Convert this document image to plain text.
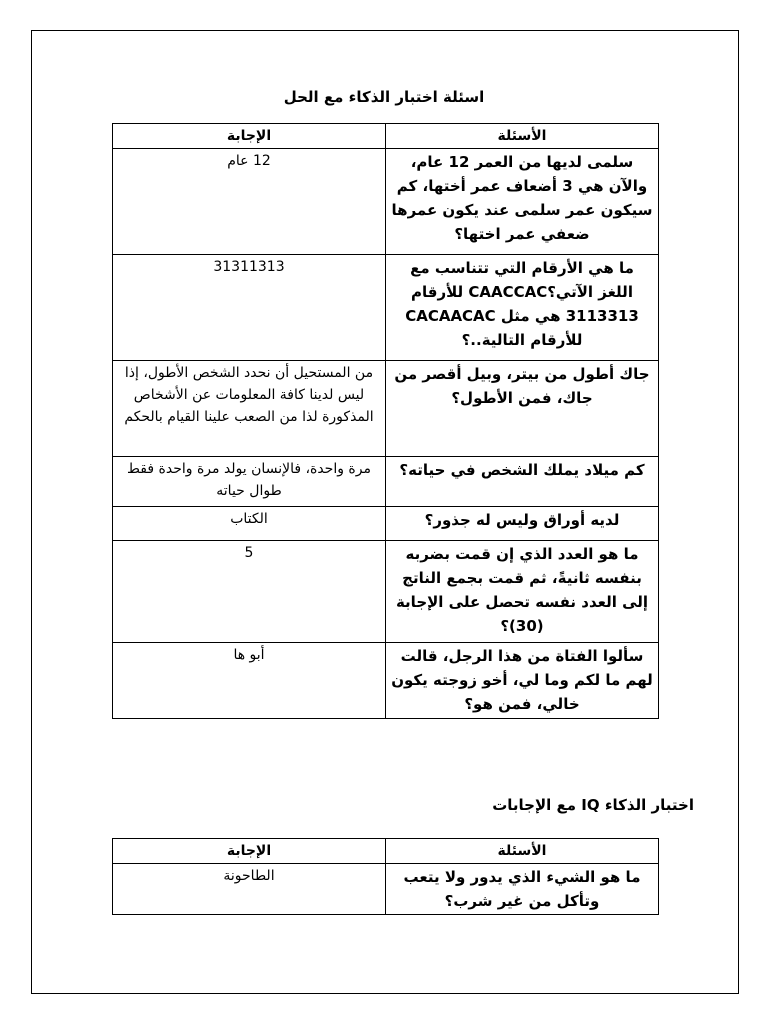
اسئلة اختبار الذكاء مع الحل
الأسئلة	الإجابة
سلمى لديها من العمر 12 عام، والآن هي 3 أضعاف عمر أختها، كم سيكون عمر سلمى عند يكون عمرها ضعفي عمر اختها؟	12 عام
ما هي الأرقام التي تتناسب مع اللغز الآتي؟CAACCAC للأرقام 3113313 هي مثل CACAACAC للأرقام التالية..؟	31311313
جاك أطول من بيتر، وبيل أقصر من جاك، فمن الأطول؟	من المستحيل أن نحدد الشخص الأطول، إذا ليس لدينا كافة المعلومات عن الأشخاص المذكورة لذا من الصعب علينا القيام بالحكم
كم ميلاد يملك الشخص في حياته؟	مرة واحدة، فالإنسان يولد مرة واحدة فقط طوال حياته
لديه أوراق وليس له جذور؟	الكتاب
ما هو العدد الذي إن قمت بضربه بنفسه ثانيةً، ثم قمت بجمع الناتج إلى العدد نفسه تحصل على الإجابة (30)؟	5
سألوا الفتاة من هذا الرجل، قالت لهم ما لكم وما لي، أخو زوجته يكون خالي، فمن هو؟	أبو ها
اختبار الذكاء IQ مع الإجابات
الأسئلة	الإجابة
ما هو الشيء الذي يدور ولا يتعب وتأكل من غير شرب؟	الطاحونة
